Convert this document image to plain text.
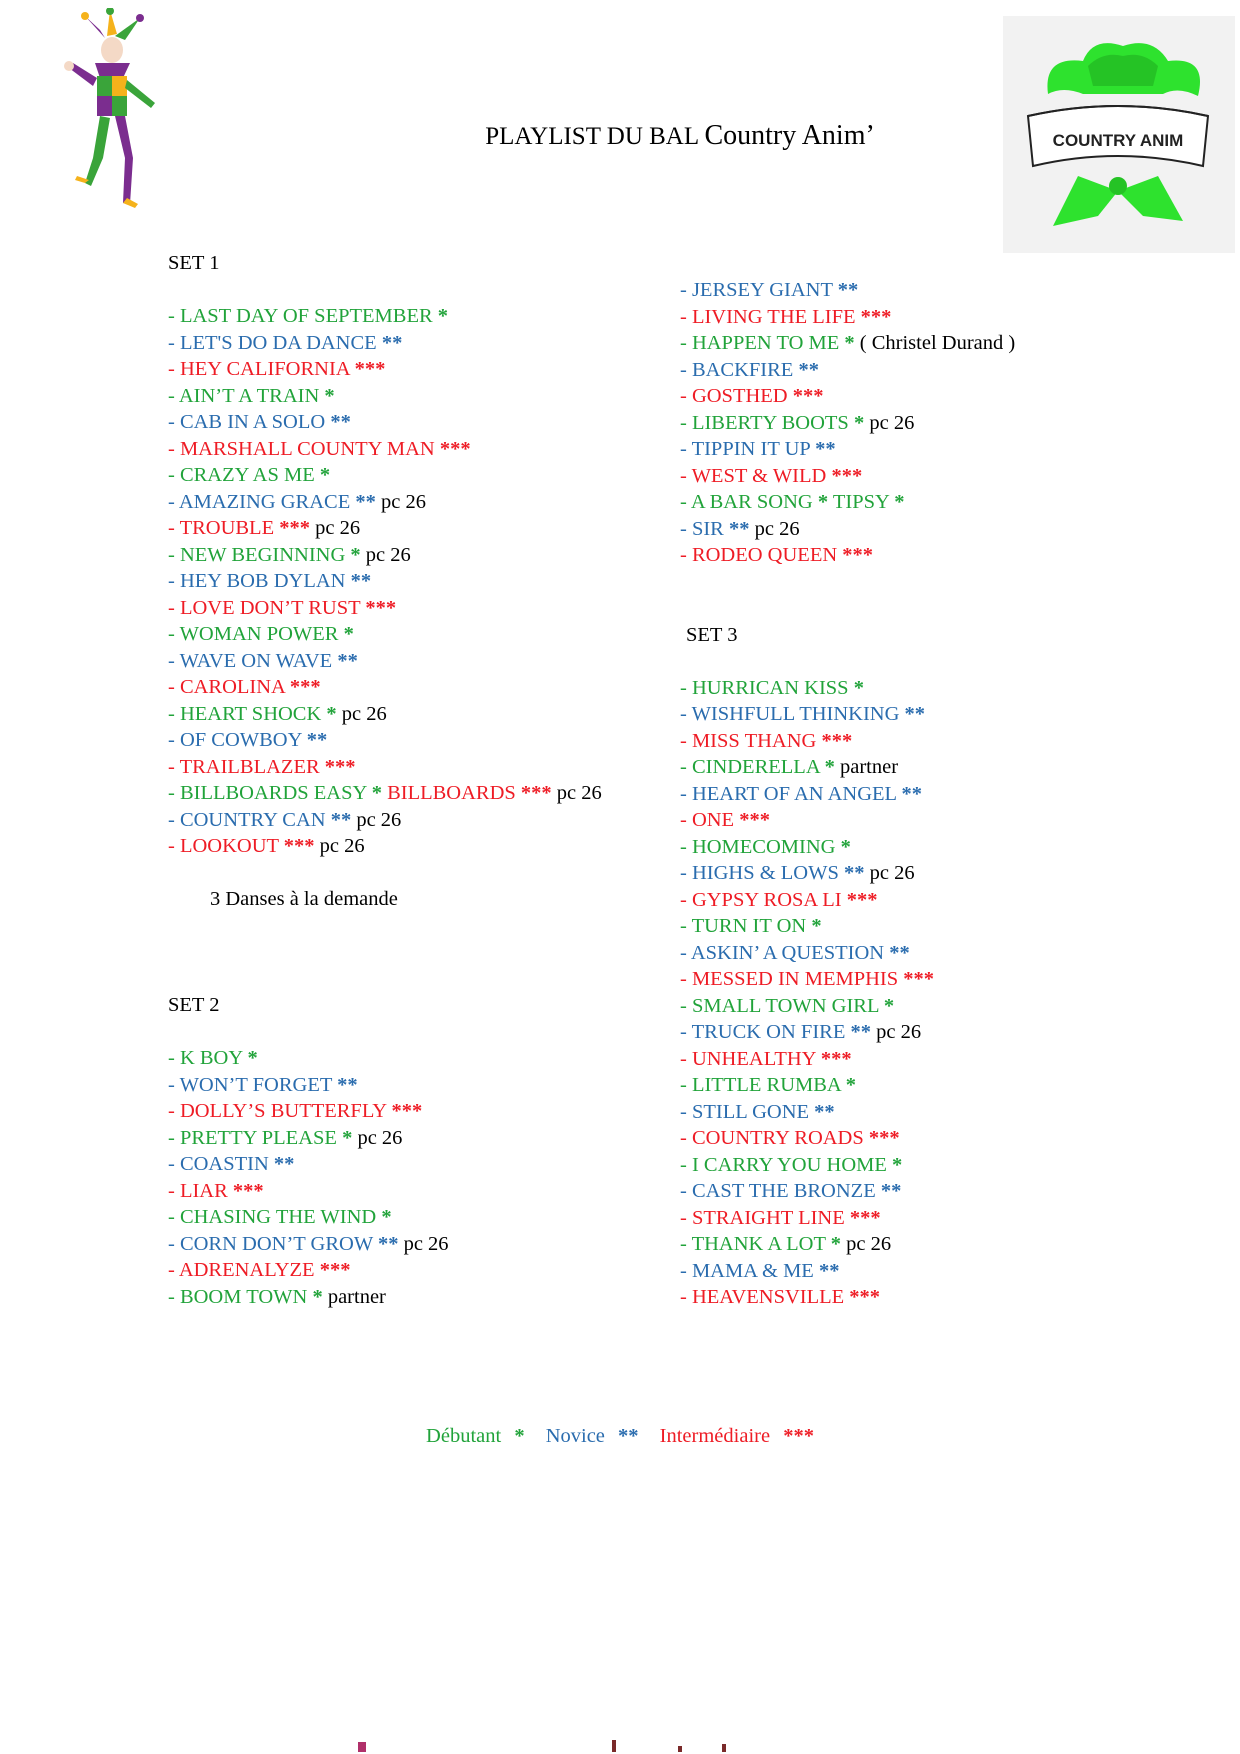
COUNTRY ANIM
PLAYLIST DU BAL Country Anim’
SET 1
- LAST DAY OF SEPTEMBER *
- LET'S DO DA DANCE **
- HEY CALIFORNIA ***
- AIN’T A TRAIN *
- CAB IN A SOLO **
- MARSHALL COUNTY MAN ***
- CRAZY AS ME *
- AMAZING GRACE ** pc 26
- TROUBLE *** pc 26
- NEW BEGINNING * pc 26
- HEY BOB DYLAN **
- LOVE DON’T RUST ***
- WOMAN POWER *
- WAVE ON WAVE **
- CAROLINA ***
- HEART SHOCK * pc 26
- OF COWBOY **
- TRAILBLAZER ***
- BILLBOARDS EASY * BILLBOARDS *** pc 26
- COUNTRY CAN ** pc 26
- LOOKOUT *** pc 26
3 Danses à la demande
SET 2
- K BOY *
- WON’T FORGET **
- DOLLY’S BUTTERFLY ***
- PRETTY PLEASE * pc 26
- COASTIN **
- LIAR ***
- CHASING THE WIND *
- CORN DON’T GROW ** pc 26
- ADRENALYZE ***
- BOOM TOWN * partner
- JERSEY GIANT **
- LIVING THE LIFE ***
- HAPPEN TO ME * ( Christel Durand )
- BACKFIRE **
- GOSTHED ***
- LIBERTY BOOTS * pc 26
- TIPPIN IT UP **
- WEST & WILD ***
- A BAR SONG * TIPSY *
- SIR ** pc 26
- RODEO QUEEN ***
SET 3
- HURRICAN KISS *
- WISHFULL THINKING **
- MISS THANG ***
- CINDERELLA * partner
- HEART OF AN ANGEL **
- ONE ***
- HOMECOMING *
- HIGHS & LOWS ** pc 26
- GYPSY ROSA LI ***
- TURN IT ON *
- ASKIN’ A QUESTION **
- MESSED IN MEMPHIS ***
- SMALL TOWN GIRL *
- TRUCK ON FIRE ** pc 26
- UNHEALTHY ***
- LITTLE RUMBA *
- STILL GONE **
- COUNTRY ROADS ***
- I CARRY YOU HOME *
- CAST THE BRONZE **
- STRAIGHT LINE ***
- THANK A LOT * pc 26
- MAMA & ME **
- HEAVENSVILLE ***
Débutant * Novice ** Intermédiaire ***
